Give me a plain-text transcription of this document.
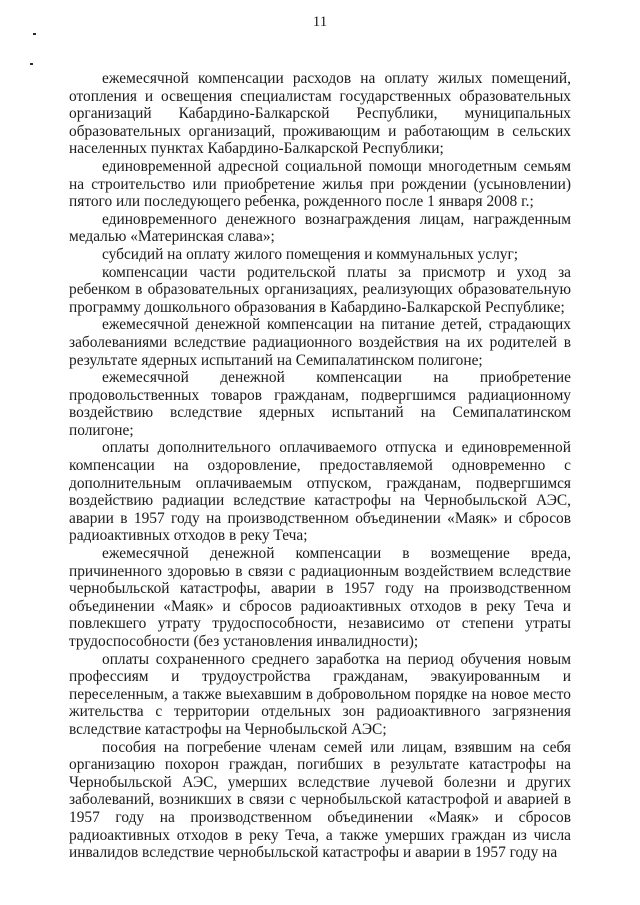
11

ежемесячной компенсации расходов на оплату жилых помещений, отопления и освещения специалистам государственных образовательных организаций Кабардино-Балкарской Республики, муниципальных образовательных организаций, проживающим и работающим в сельских населенных пунктах Кабардино-Балкарской Республики;

единовременной адресной социальной помощи многодетным семьям на строительство или приобретение жилья при рождении (усыновлении) пятого или последующего ребенка, рожденного после 1 января 2008 г.;

единовременного денежного вознаграждения лицам, награжденным медалью «Материнская слава»;

субсидий на оплату жилого помещения и коммунальных услуг;

компенсации части родительской платы за присмотр и уход за ребенком в образовательных организациях, реализующих образовательную программу дошкольного образования в Кабардино-Балкарской Республике;

ежемесячной денежной компенсации на питание детей, страдающих заболеваниями вследствие радиационного воздействия на их родителей в результате ядерных испытаний на Семипалатинском полигоне;

ежемесячной денежной компенсации на приобретение продовольственных товаров гражданам, подвергшимся радиационному воздействию вследствие ядерных испытаний на Семипалатинском полигоне;

оплаты дополнительного оплачиваемого отпуска и единовременной компенсации на оздоровление, предоставляемой одновременно с дополнительным оплачиваемым отпуском, гражданам, подвергшимся воздействию радиации вследствие катастрофы на Чернобыльской АЭС, аварии в 1957 году на производственном объединении «Маяк» и сбросов радиоактивных отходов в реку Теча;

ежемесячной денежной компенсации в возмещение вреда, причиненного здоровью в связи с радиационным воздействием вследствие чернобыльской катастрофы, аварии в 1957 году на производственном объединении «Маяк» и сбросов радиоактивных отходов в реку Теча и повлекшего утрату трудоспособности, независимо от степени утраты трудоспособности (без установления инвалидности);

оплаты сохраненного среднего заработка на период обучения новым профессиям и трудоустройства гражданам, эвакуированным и переселенным, а также выехавшим в добровольном порядке на новое место жительства с территории отдельных зон радиоактивного загрязнения вследствие катастрофы на Чернобыльской АЭС;

пособия на погребение членам семей или лицам, взявшим на себя организацию похорон граждан, погибших в результате катастрофы на Чернобыльской АЭС, умерших вследствие лучевой болезни и других заболеваний, возникших в связи с чернобыльской катастрофой и аварией в 1957 году на производственном объединении «Маяк» и сбросов радиоактивных отходов в реку Теча, а также умерших граждан из числа инвалидов вследствие чернобыльской катастрофы и аварии в 1957 году на
